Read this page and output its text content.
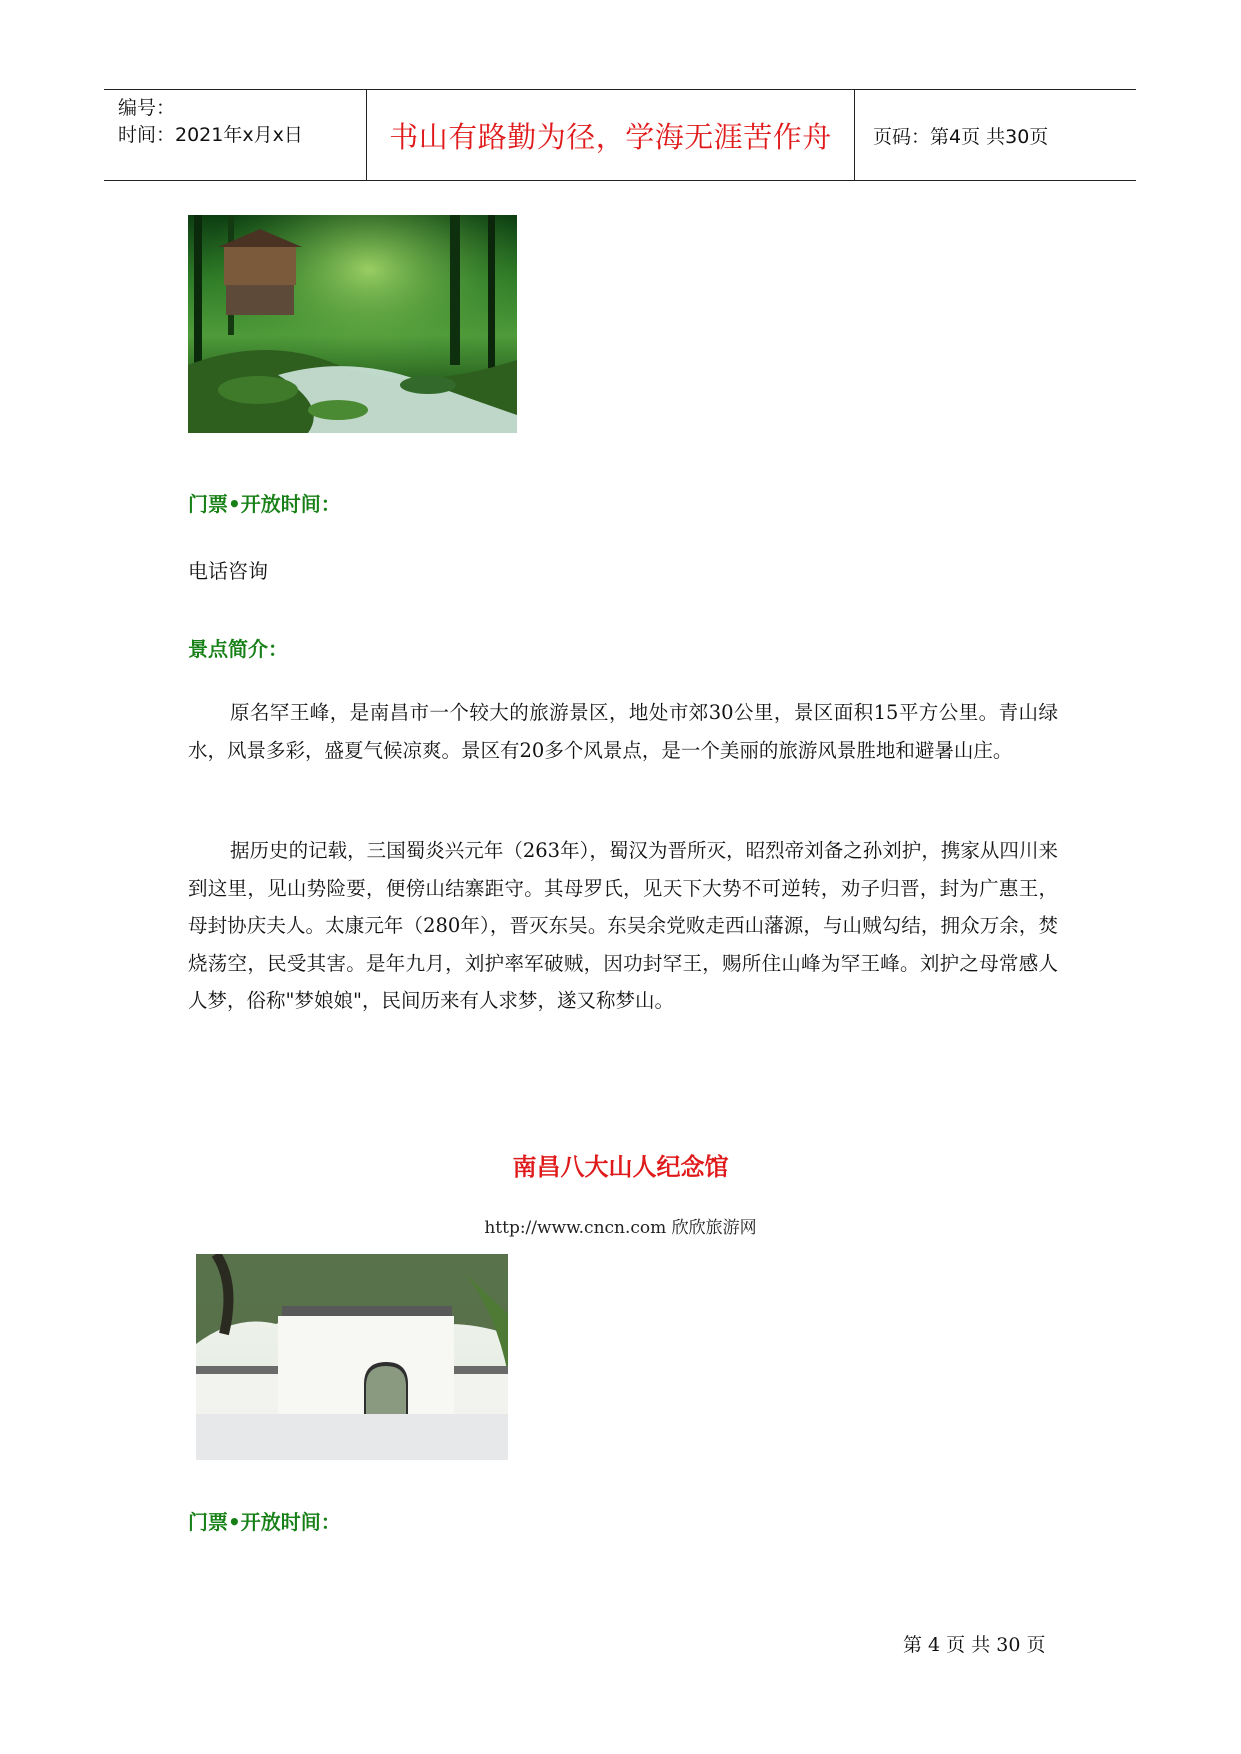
编号：
时间：2021年x月x日	书山有路勤为径，学海无涯苦作舟	页码：第4页 共30页
门票•开放时间：
电话咨询
景点简介：

原名罕王峰，是南昌市一个较大的旅游景区，地处市郊30公里，景区面积15平方公里。青山绿水，风景多彩，盛夏气候凉爽。景区有20多个风景点，是一个美丽的旅游风景胜地和避暑山庄。

据历史的记载，三国蜀炎兴元年（263年），蜀汉为晋所灭，昭烈帝刘备之孙刘护，携家从四川来到这里，见山势险要，便傍山结寨距守。其母罗氏，见天下大势不可逆转，劝子归晋，封为广惠王，母封协庆夫人。太康元年（280年），晋灭东吴。东吴余党败走西山藩源，与山贼勾结，拥众万余，焚烧荡空，民受其害。是年九月，刘护率军破贼，因功封罕王，赐所住山峰为罕王峰。刘护之母常感人人梦，俗称"梦娘娘"，民间历来有人求梦，遂又称梦山。

南昌八大山人纪念馆
http://www.cncn.com 欣欣旅游网
门票•开放时间：
第 4 页 共 30 页
